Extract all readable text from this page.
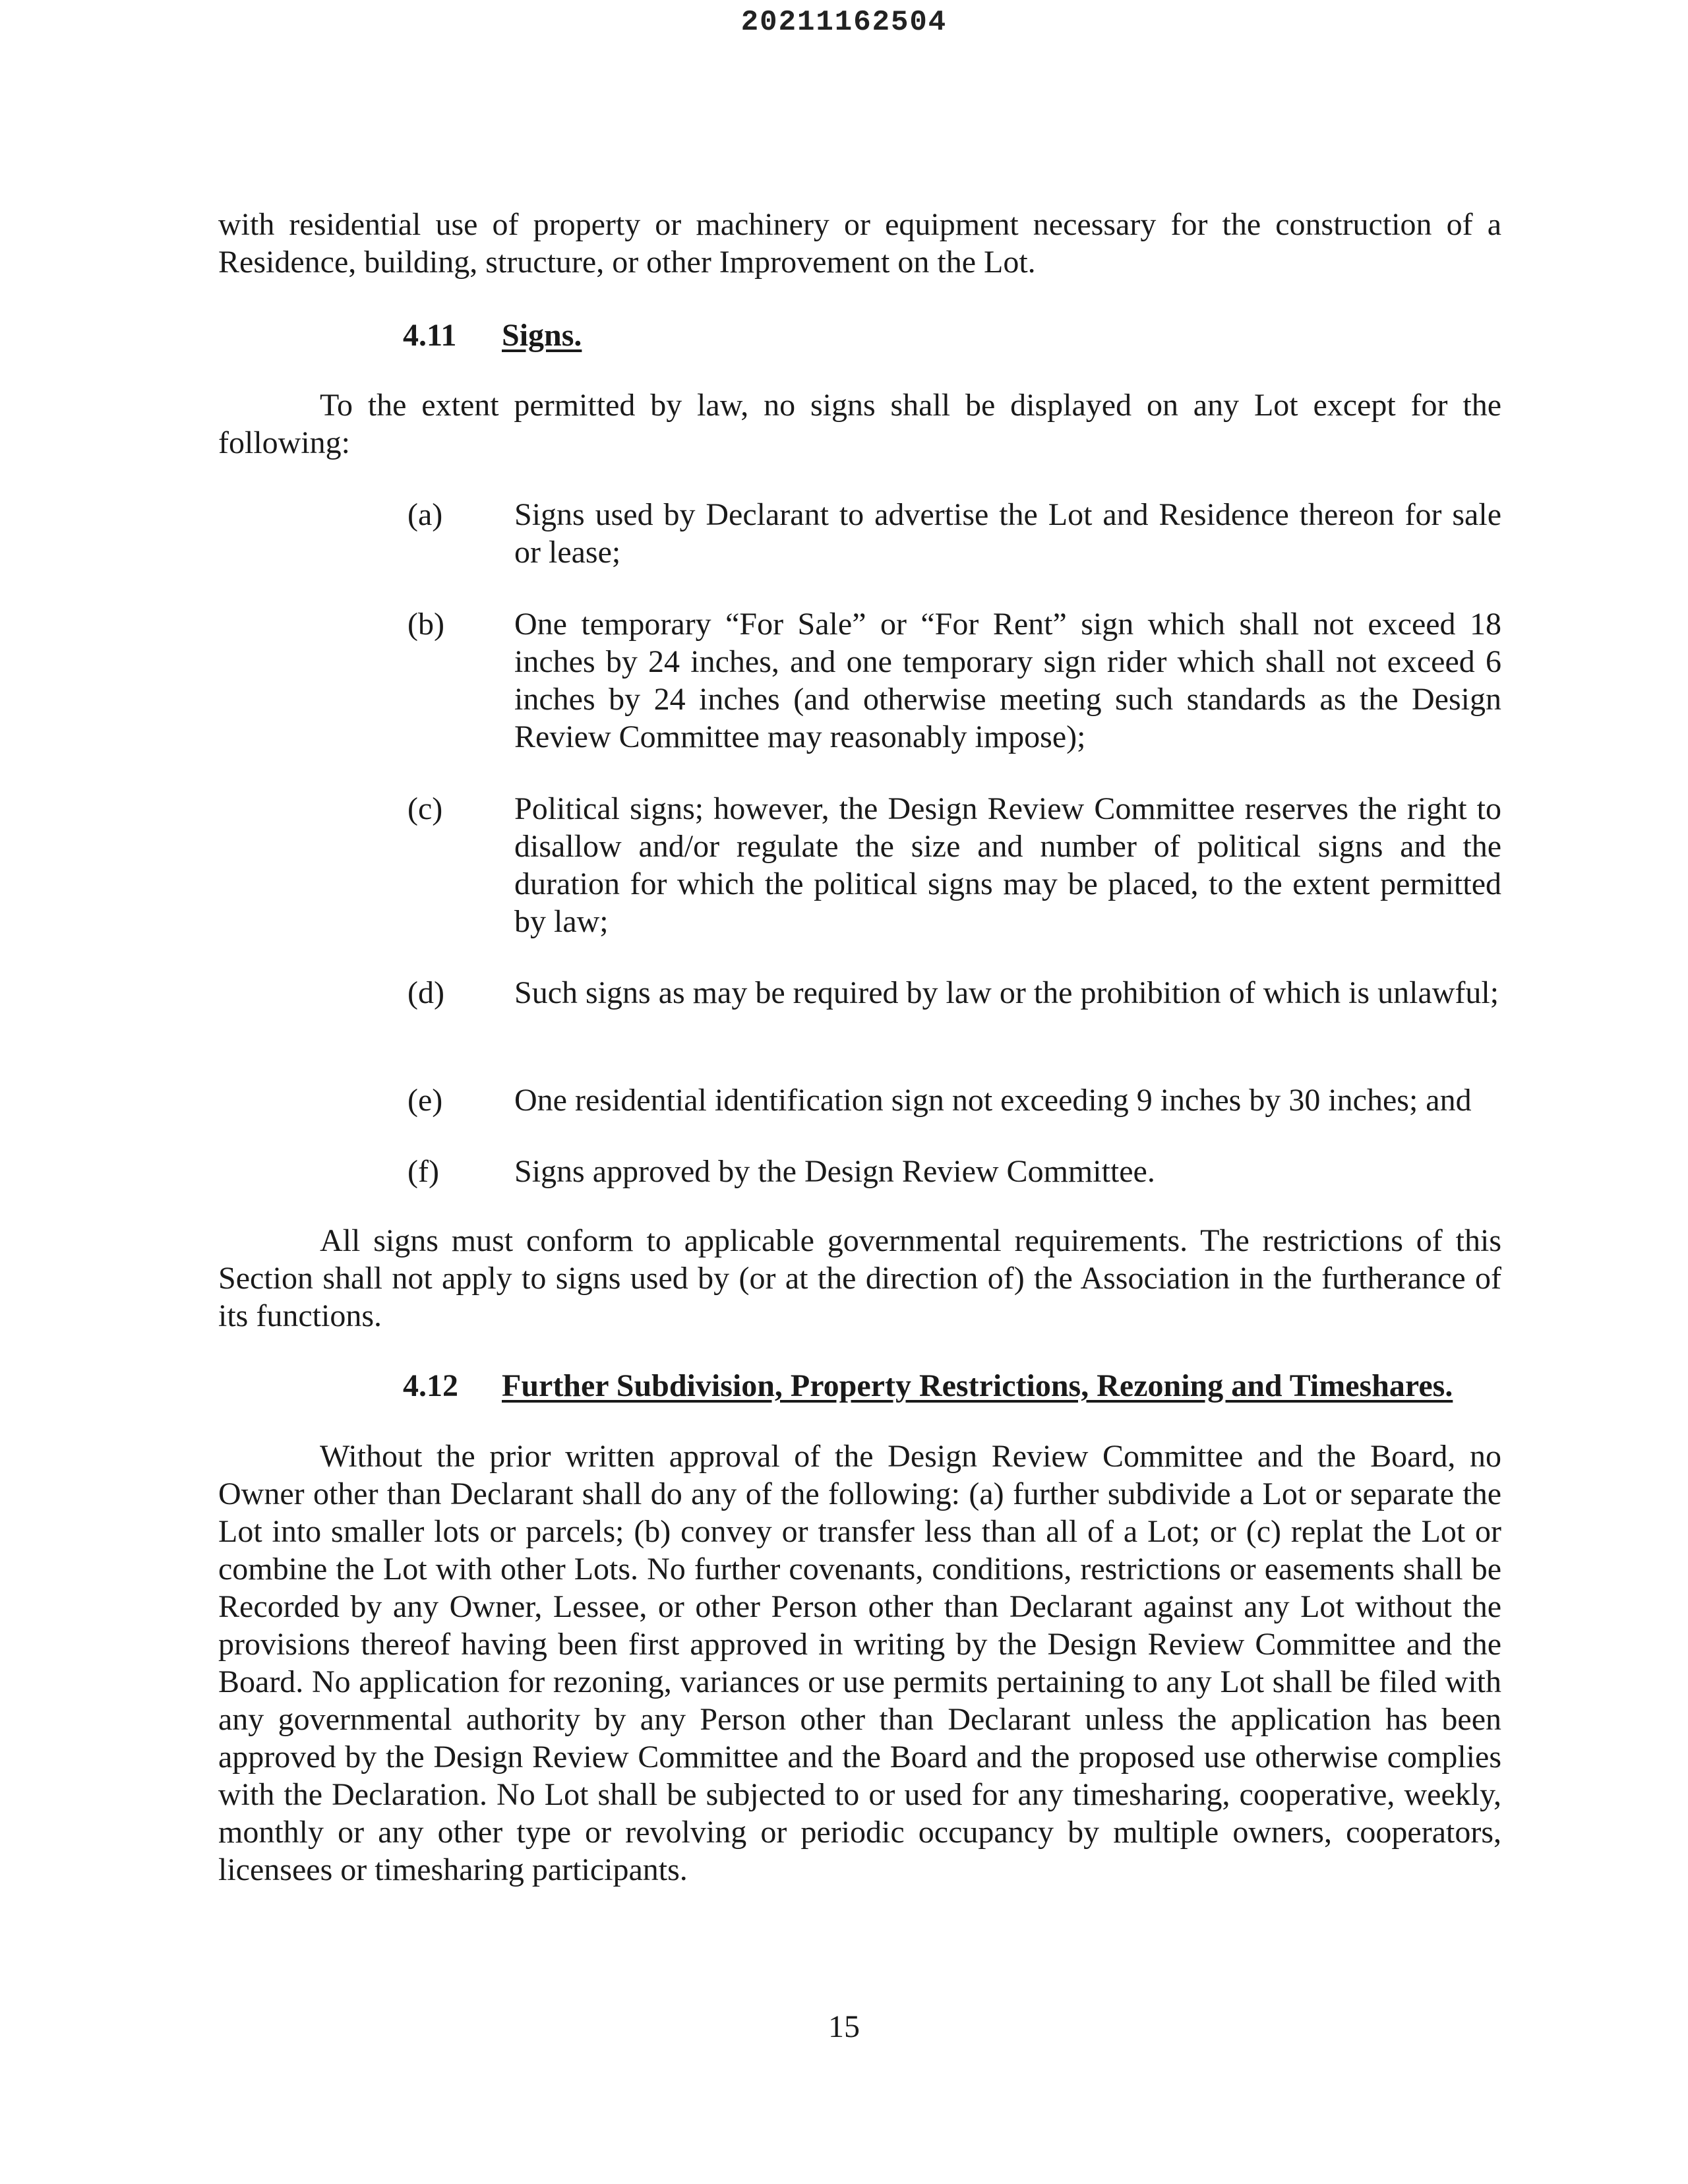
20211162504
with residential use of property or machinery or equipment necessary for the construction of a Residence, building, structure, or other Improvement on the Lot.
4.11 Signs.
To the extent permitted by law, no signs shall be displayed on any Lot except for the following:
(a)	Signs used by Declarant to advertise the Lot and Residence thereon for sale or lease;
(b)	One temporary “For Sale” or “For Rent” sign which shall not exceed 18 inches by 24 inches, and one temporary sign rider which shall not exceed 6 inches by 24 inches (and otherwise meeting such standards as the Design Review Committee may reasonably impose);
(c)	Political signs; however, the Design Review Committee reserves the right to disallow and/or regulate the size and number of political signs and the duration for which the political signs may be placed, to the extent permitted by law;
(d)	Such signs as may be required by law or the prohibition of which is unlawful;
(e)	One residential identification sign not exceeding 9 inches by 30 inches; and
(f)	Signs approved by the Design Review Committee.
All signs must conform to applicable governmental requirements. The restrictions of this Section shall not apply to signs used by (or at the direction of) the Association in the furtherance of its functions.
4.12 Further Subdivision, Property Restrictions, Rezoning and Timeshares.
Without the prior written approval of the Design Review Committee and the Board, no Owner other than Declarant shall do any of the following: (a) further subdivide a Lot or separate the Lot into smaller lots or parcels; (b) convey or transfer less than all of a Lot; or (c) replat the Lot or combine the Lot with other Lots. No further covenants, conditions, restrictions or easements shall be Recorded by any Owner, Lessee, or other Person other than Declarant against any Lot without the provisions thereof having been first approved in writing by the Design Review Committee and the Board. No application for rezoning, variances or use permits pertaining to any Lot shall be filed with any governmental authority by any Person other than Declarant unless the application has been approved by the Design Review Committee and the Board and the proposed use otherwise complies with the Declaration. No Lot shall be subjected to or used for any timesharing, cooperative, weekly, monthly or any other type or revolving or periodic occupancy by multiple owners, cooperators, licensees or timesharing participants.
15
